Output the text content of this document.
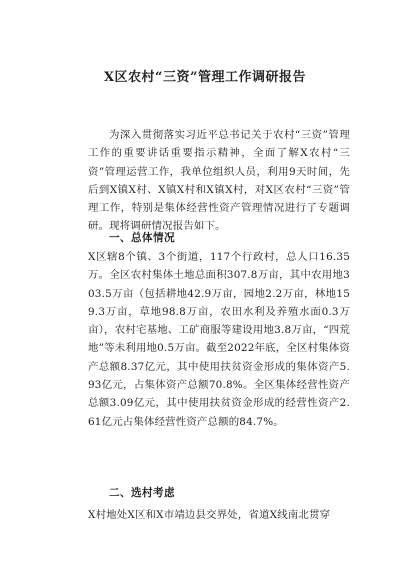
X区农村“三资”管理工作调研报告

为深入贯彻落实习近平总书记关于农村“三资”管理工作的重要讲话重要指示精神，全面了解X农村“三资”管理运营工作，我单位组织人员，利用9天时间，先后到X镇X村、X镇X村和X镇X村，对X区农村“三资”管理工作，特别是集体经营性资产管理情况进行了专题调研。现将调研情况报告如下。

一、总体情况

X区辖8个镇、3个街道，117个行政村，总人口16.35万。全区农村集体土地总面积307.8万亩，其中农用地303.5万亩（包括耕地42.9万亩，园地2.2万亩，林地159.3万亩，草地98.8万亩，农田水利及养殖水面0.3万亩），农村宅基地、工矿商服等建设用地3.8万亩，“四荒地”等未利用地0.5万亩。截至2022年底，全区村集体资产总额8.37亿元，其中使用扶贫资金形成的集体资产5.93亿元，占集体资产总额70.8%。全区集体经营性资产总额3.09亿元，其中使用扶贫资金形成的经营性资产2.61亿元占集体经营性资产总额的84.7%。

二、选村考虑

X村地处X区和X市靖边县交界处，省道X线南北贯穿
